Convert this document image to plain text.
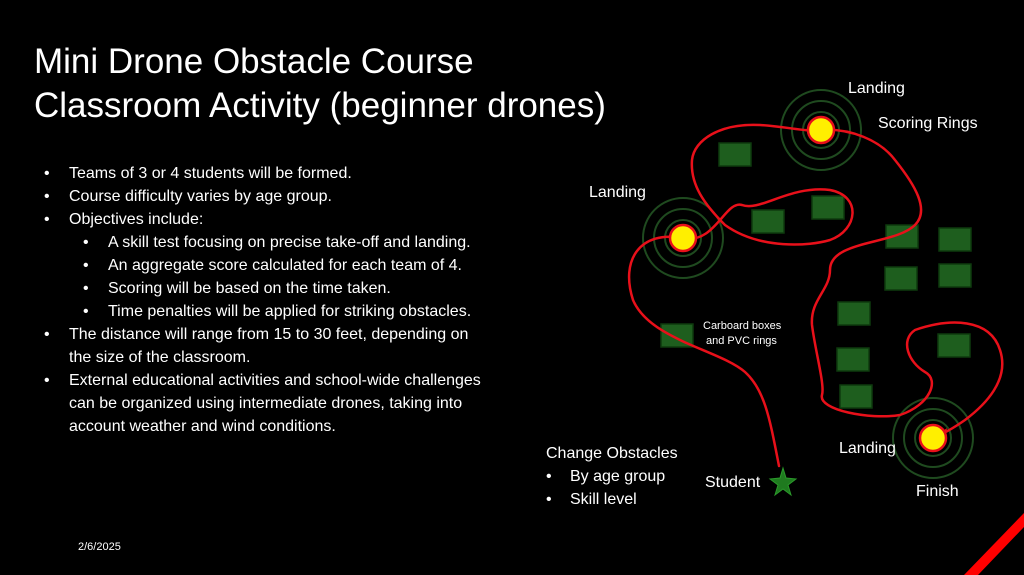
Mini Drone Obstacle Course
Classroom Activity (beginner drones)
• Teams of 3 or 4 students will be formed.
• Course difficulty varies by age group.
• Objectives include:
• A skill test focusing on precise take-off and landing.
• An aggregate score calculated for each team of 4.
• Scoring will be based on the time taken.
• Time penalties will be applied for striking obstacles.
• The distance will range from 15 to 30 feet, depending on the size of the classroom.
• External educational activities and school-wide challenges can be organized using intermediate drones, taking into account weather and wind conditions.
2/6/2025
Landing
Scoring Rings
Landing
Carboard boxes
and PVC rings
Landing
Finish
Student
Change Obstacles
• By age group
• Skill level
